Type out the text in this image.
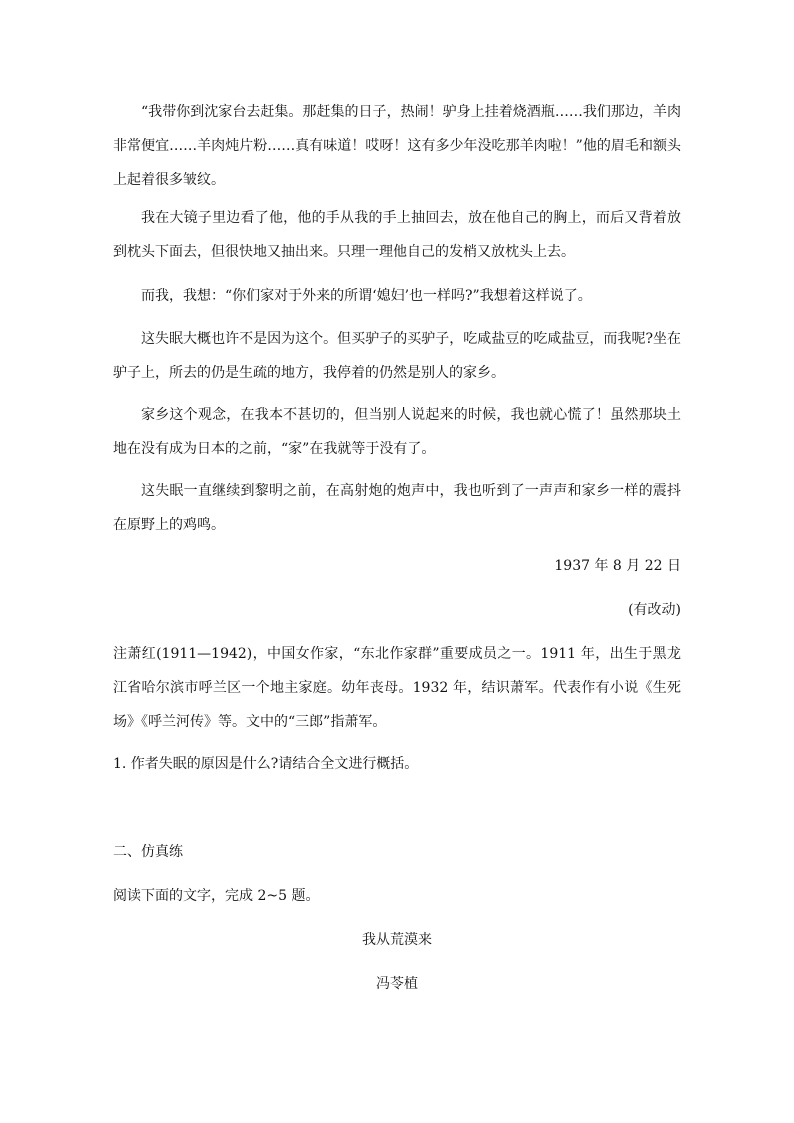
“我带你到沈家台去赶集。那赶集的日子，热闹！驴身上挂着烧酒瓶……我们那边，羊肉非常便宜……羊肉炖片粉……真有味道！哎呀！这有多少年没吃那羊肉啦！”他的眉毛和额头上起着很多皱纹。

我在大镜子里边看了他，他的手从我的手上抽回去，放在他自己的胸上，而后又背着放到枕头下面去，但很快地又抽出来。只理一理他自己的发梢又放枕头上去。

而我，我想：“你们家对于外来的所谓‘媳妇’也一样吗?”我想着这样说了。

这失眠大概也许不是因为这个。但买驴子的买驴子，吃咸盐豆的吃咸盐豆，而我呢?坐在驴子上，所去的仍是生疏的地方，我停着的仍然是别人的家乡。

家乡这个观念，在我本不甚切的，但当别人说起来的时候，我也就心慌了！虽然那块土地在没有成为日本的之前，“家”在我就等于没有了。

这失眠一直继续到黎明之前，在高射炮的炮声中，我也听到了一声声和家乡一样的震抖在原野上的鸡鸣。

1937 年 8 月 22 日

(有改动)

注萧红(1911—1942)，中国女作家，“东北作家群”重要成员之一。1911 年，出生于黑龙江省哈尔滨市呼兰区一个地主家庭。幼年丧母。1932 年，结识萧军。代表作有小说《生死场》《呼兰河传》等。文中的“三郎”指萧军。

1. 作者失眠的原因是什么?请结合全文进行概括。

二、仿真练

阅读下面的文字，完成 2~5 题。

我从荒漠来

冯苓植
